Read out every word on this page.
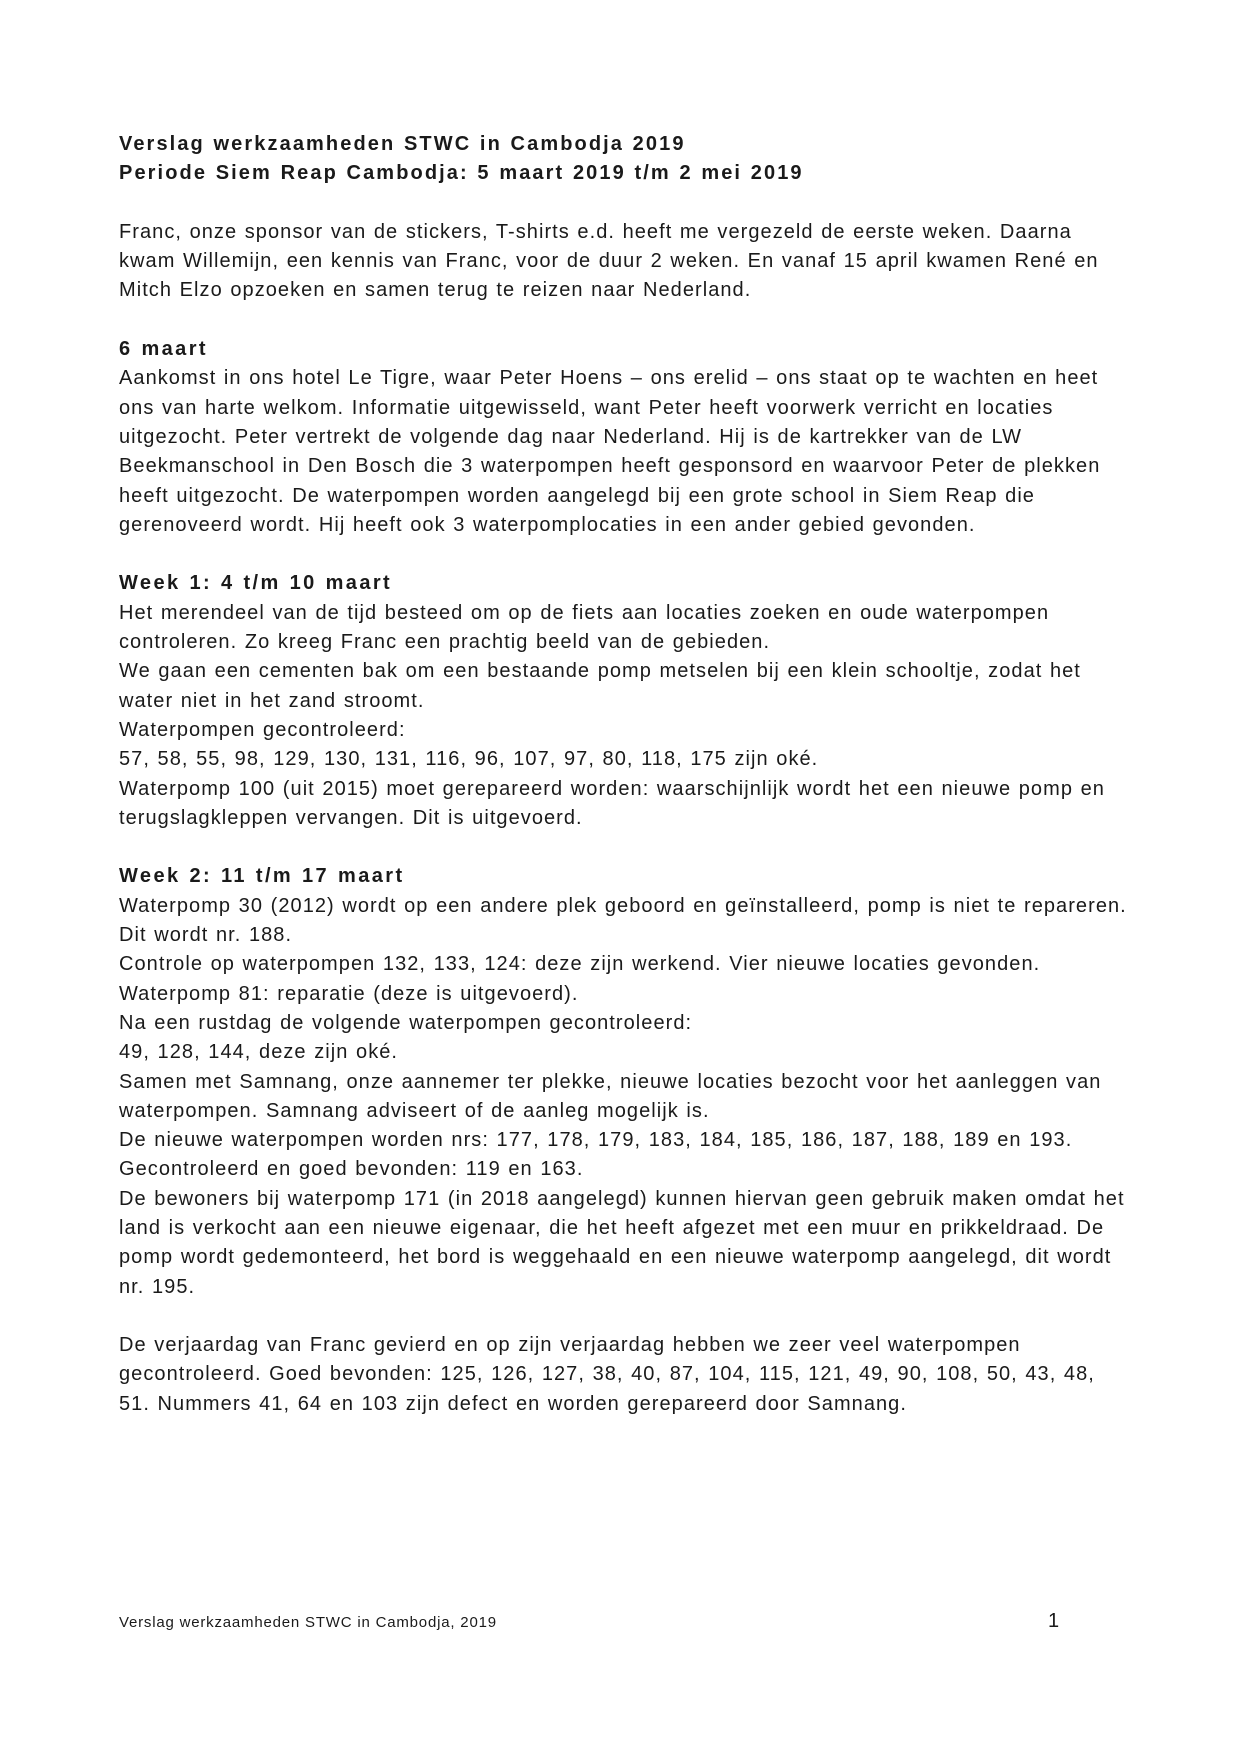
Verslag werkzaamheden STWC in Cambodja 2019
Periode Siem Reap Cambodja: 5 maart 2019 t/m 2 mei 2019
Franc, onze sponsor van de stickers, T-shirts e.d. heeft me vergezeld de eerste weken. Daarna kwam Willemijn, een kennis van Franc, voor de duur 2 weken. En vanaf 15 april kwamen René en Mitch Elzo opzoeken en samen terug te reizen naar Nederland.
6 maart
Aankomst in ons hotel Le Tigre, waar Peter Hoens – ons erelid – ons staat op te wachten en heet ons van harte welkom. Informatie uitgewisseld, want Peter heeft voorwerk verricht en locaties uitgezocht. Peter vertrekt de volgende dag naar Nederland. Hij is de kartrekker van de LW Beekmanschool in Den Bosch die 3 waterpompen heeft gesponsord en waarvoor Peter de plekken heeft uitgezocht. De waterpompen worden aangelegd bij een grote school in Siem Reap die gerenoveerd wordt. Hij heeft ook 3 waterpomplocaties in een ander gebied gevonden.
Week 1: 4 t/m 10 maart
Het merendeel van de tijd besteed om op de fiets aan locaties zoeken en oude waterpompen controleren. Zo kreeg Franc een prachtig beeld van de gebieden.
We gaan een cementen bak om een bestaande pomp metselen bij een klein schooltje, zodat het water niet in het zand stroomt.
Waterpompen gecontroleerd:
57, 58, 55, 98, 129, 130, 131, 116, 96, 107, 97, 80, 118, 175 zijn oké.
Waterpomp 100 (uit 2015) moet gerepareerd worden: waarschijnlijk wordt het een nieuwe pomp en terugslagkleppen vervangen. Dit is uitgevoerd.
Week 2: 11 t/m 17 maart
Waterpomp 30 (2012) wordt op een andere plek geboord en geïnstalleerd, pomp is niet te repareren. Dit wordt nr. 188.
Controle op waterpompen 132, 133, 124: deze zijn werkend. Vier nieuwe locaties gevonden.
Waterpomp 81: reparatie (deze is uitgevoerd).
Na een rustdag de volgende waterpompen gecontroleerd:
49, 128, 144, deze zijn oké.
Samen met Samnang, onze aannemer ter plekke, nieuwe locaties bezocht voor het aanleggen van waterpompen. Samnang adviseert of de aanleg mogelijk is.
De nieuwe waterpompen worden nrs: 177, 178, 179, 183, 184, 185, 186, 187, 188, 189 en 193.
Gecontroleerd en goed bevonden: 119 en 163.
De bewoners bij waterpomp 171 (in 2018 aangelegd) kunnen hiervan geen gebruik maken omdat het land is verkocht aan een nieuwe eigenaar, die het heeft afgezet met een muur en prikkeldraad. De pomp wordt gedemonteerd, het bord is weggehaald en een nieuwe waterpomp aangelegd, dit wordt nr. 195.
De verjaardag van Franc gevierd en op zijn verjaardag hebben we zeer veel waterpompen gecontroleerd. Goed bevonden: 125, 126, 127, 38, 40, 87, 104, 115, 121, 49, 90, 108, 50, 43, 48, 51. Nummers 41, 64 en 103 zijn defect en worden gerepareerd door Samnang.
Verslag werkzaamheden STWC in Cambodja, 2019	1
